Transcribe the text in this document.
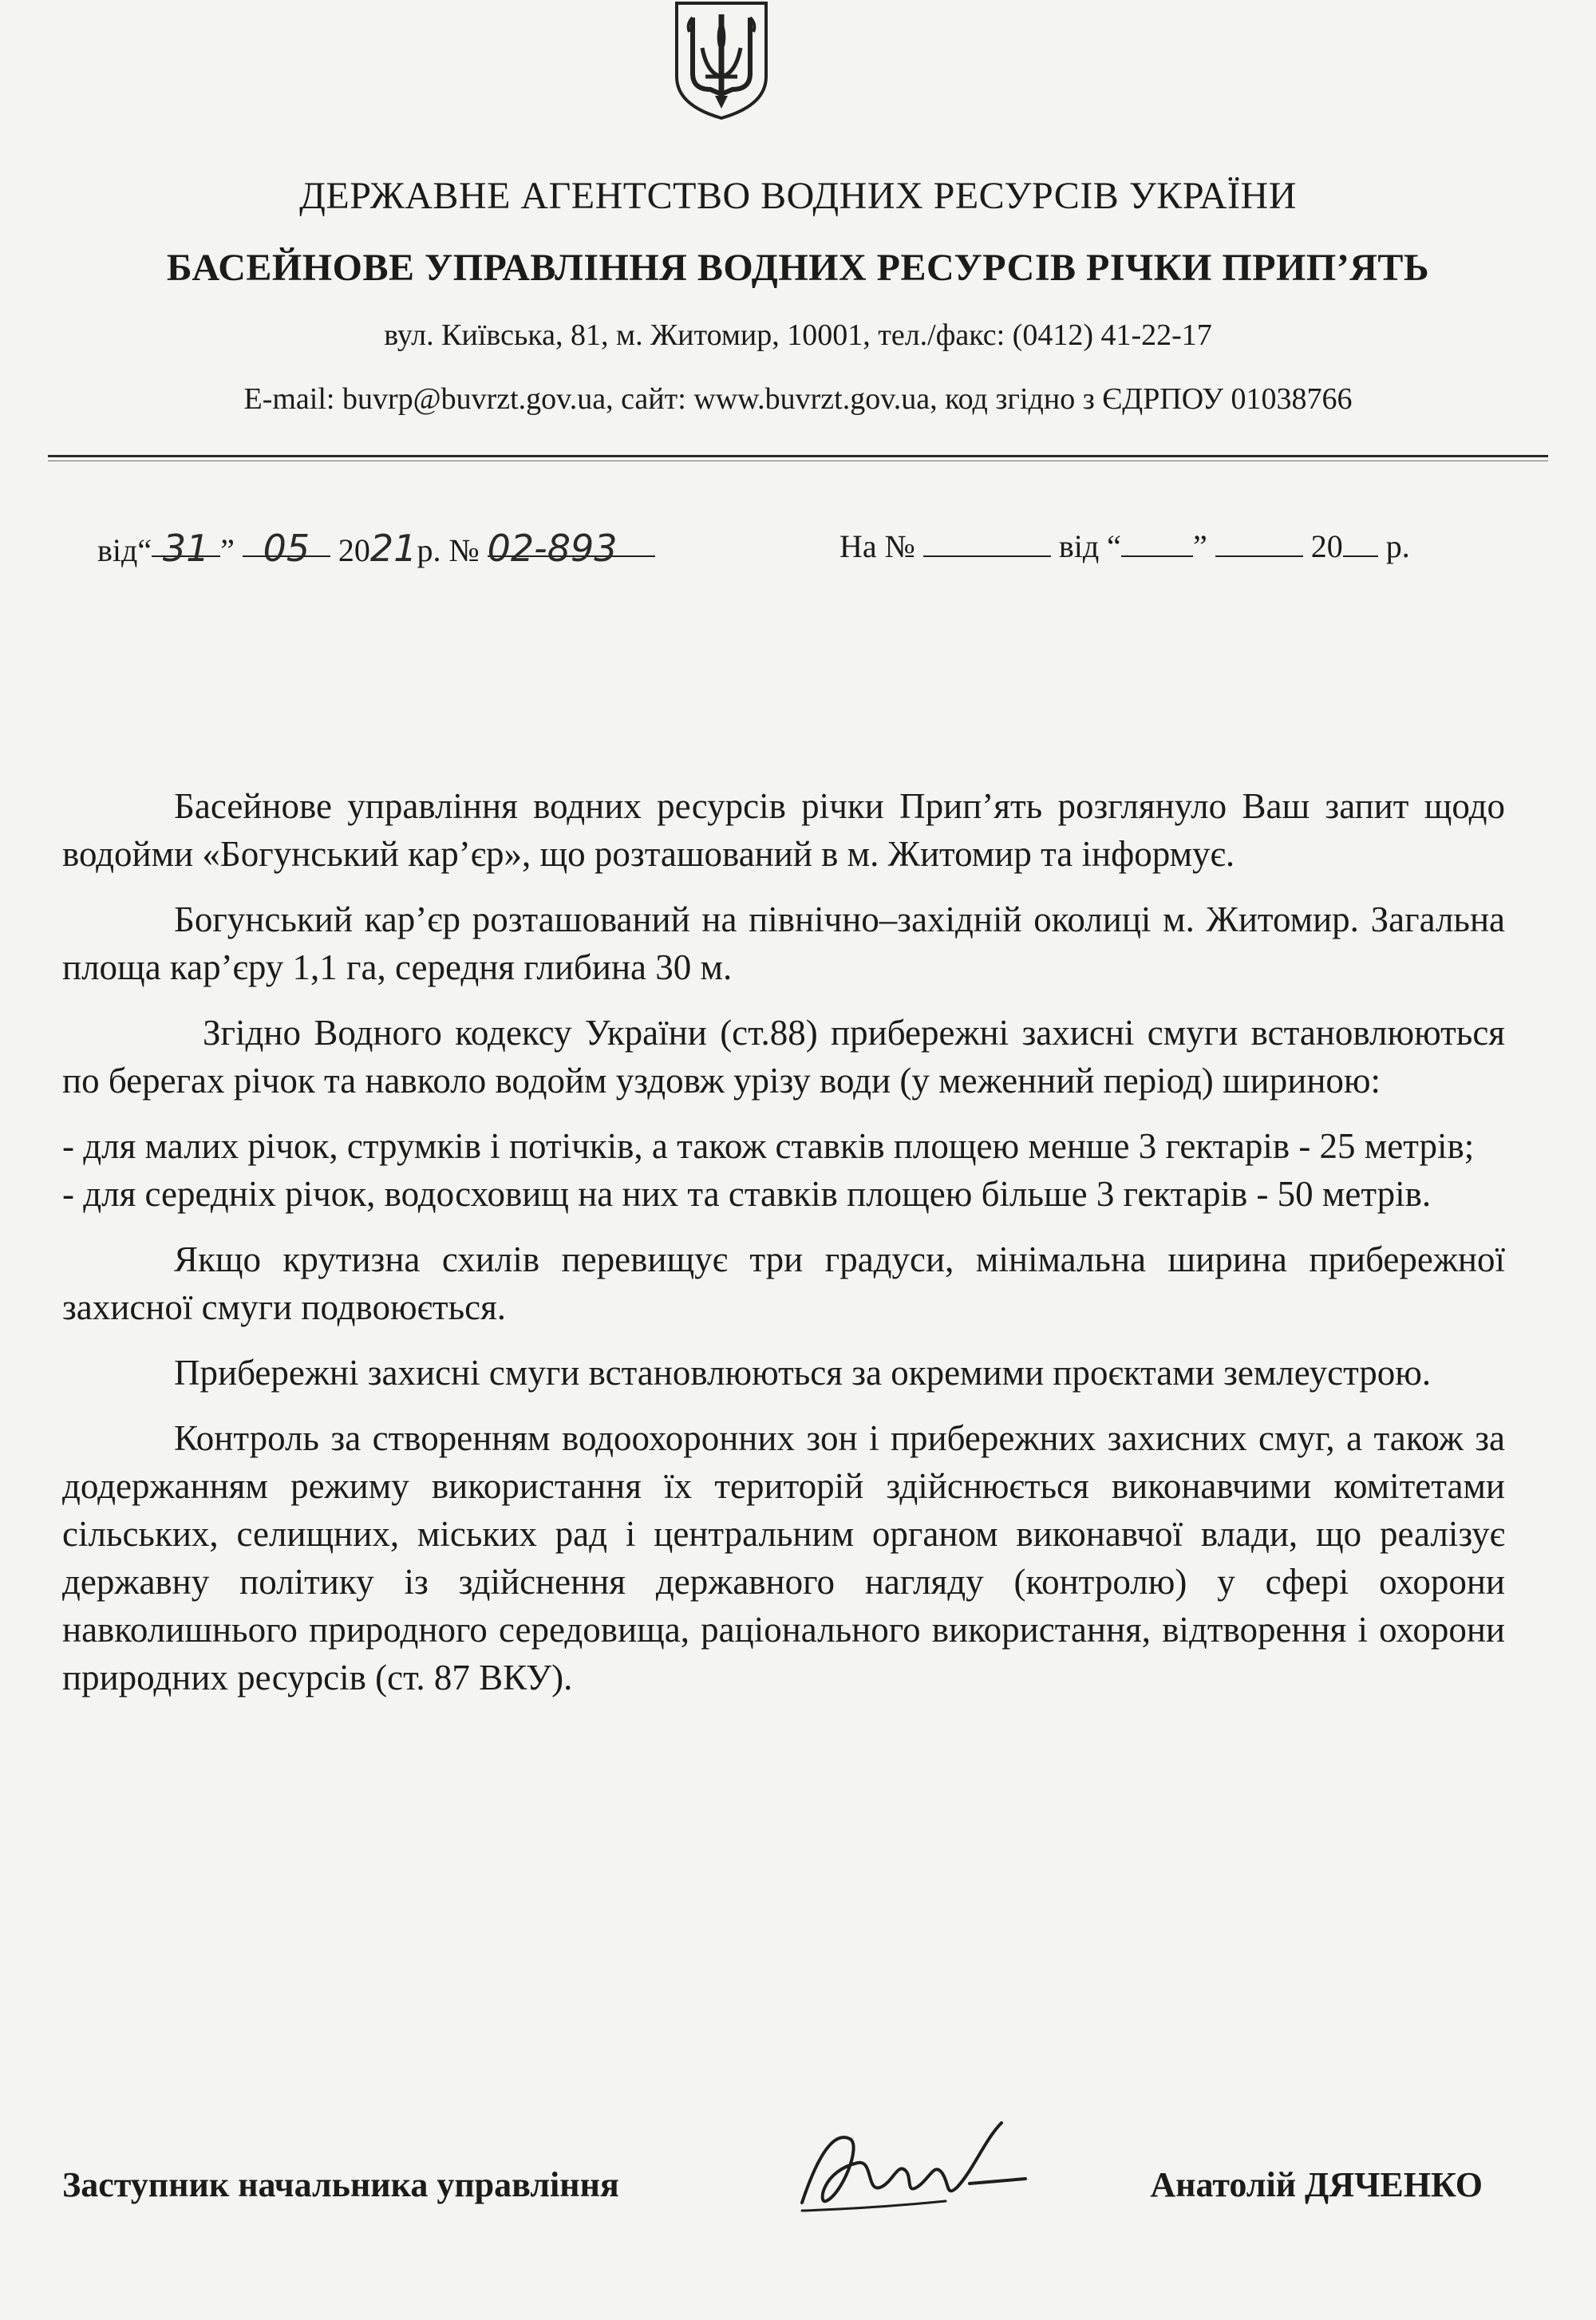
ДЕРЖАВНЕ АГЕНТСТВО ВОДНИХ РЕСУРСІВ УКРАЇНИ
БАСЕЙНОВЕ УПРАВЛІННЯ ВОДНИХ РЕСУРСІВ РІЧКИ ПРИП’ЯТЬ
вул. Київська, 81, м. Житомир, 10001, тел./факс: (0412) 41-22-17
E-mail: buvrp@buvrzt.gov.ua, сайт: www.buvrzt.gov.ua, код згідно з ЄДРПОУ 01038766
від“ 31 ” 05 2021р. № 02-893	На №	від “ ”	20 р.

Басейнове управління водних ресурсів річки Прип’ять розглянуло Ваш запит щодо водойми «Богунський кар’єр», що розташований в м. Житомир та інформує.

Богунський кар’єр розташований на північно–західній околиці м. Житомир. Загальна площа кар’єру 1,1 га, середня глибина 30 м.

Згідно Водного кодексу України (ст.88) прибережні захисні смуги встановлюються по берегах річок та навколо водойм уздовж урізу води (у меженний період) шириною:

- для малих річок, струмків і потічків, а також ставків площею менше 3 гектарів - 25 метрів;

- для середніх річок, водосховищ на них та ставків площею більше 3 гектарів - 50 метрів.

Якщо крутизна схилів перевищує три градуси, мінімальна ширина прибережної захисної смуги подвоюється.

Прибережні захисні смуги встановлюються за окремими проєктами землеустрою.

Контроль за створенням водоохоронних зон і прибережних захисних смуг, а також за додержанням режиму використання їх територій здійснюється виконавчими комітетами сільських, селищних, міських рад і центральним органом виконавчої влади, що реалізує державну політику із здійснення державного нагляду (контролю) у сфері охорони навколишнього природного середовища, раціонального використання, відтворення і охорони природних ресурсів (ст. 87 ВКУ).

Заступник начальника управління	Анатолій ДЯЧЕНКО
